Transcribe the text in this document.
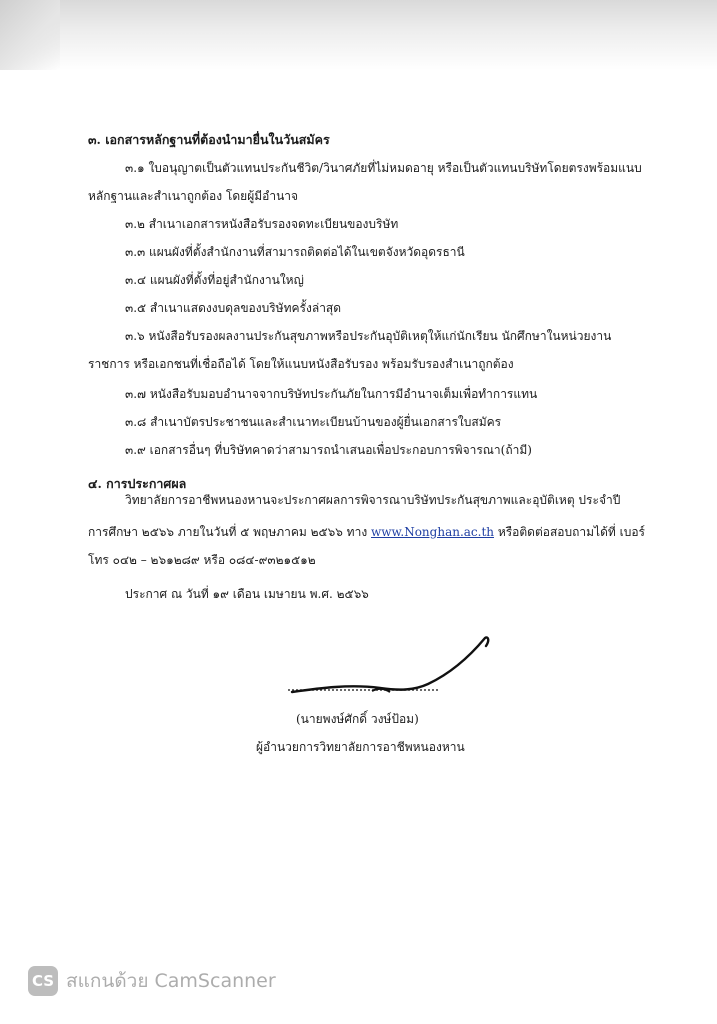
๓. เอกสารหลักฐานที่ต้องนำมายื่นในวันสมัคร
๓.๑ ใบอนุญาตเป็นตัวแทนประกันชีวิต/วินาศภัยที่ไม่หมดอายุ หรือเป็นตัวแทนบริษัทโดยตรงพร้อมแนบ
หลักฐานและสำเนาถูกต้อง โดยผู้มีอำนาจ
๓.๒ สำเนาเอกสารหนังสือรับรองจดทะเบียนของบริษัท
๓.๓ แผนผังที่ตั้งสำนักงานที่สามารถติดต่อได้ในเขตจังหวัดอุดรธานี
๓.๔ แผนผังที่ตั้งที่อยู่สำนักงานใหญ่
๓.๕ สำเนาแสดงงบดุลของบริษัทครั้งล่าสุด
๓.๖ หนังสือรับรองผลงานประกันสุขภาพหรือประกันอุบัติเหตุให้แก่นักเรียน นักศึกษาในหน่วยงาน
ราชการ หรือเอกชนที่เชื่อถือได้ โดยให้แนบหนังสือรับรอง พร้อมรับรองสำเนาถูกต้อง
๓.๗ หนังสือรับมอบอำนาจจากบริษัทประกันภัยในการมีอำนาจเต็มเพื่อทำการแทน
๓.๘ สำเนาบัตรประชาชนและสำเนาทะเบียนบ้านของผู้ยื่นเอกสารใบสมัคร
๓.๙ เอกสารอื่นๆ ที่บริษัทคาดว่าสามารถนำเสนอเพื่อประกอบการพิจารณา(ถ้ามี)
๔. การประกาศผล
วิทยาลัยการอาชีพหนองหานจะประกาศผลการพิจารณาบริษัทประกันสุขภาพและอุบัติเหตุ ประจำปี
การศึกษา ๒๕๖๖ ภายในวันที่ ๕ พฤษภาคม ๒๕๖๖ ทาง www.Nonghan.ac.th หรือติดต่อสอบถามได้ที่ เบอร์
โทร ๐๔๒ – ๒๖๑๒๘๙ หรือ ๐๘๔-๙๓๒๑๕๑๒
ประกาศ ณ วันที่ ๑๙ เดือน เมษายน พ.ศ. ๒๕๖๖
(นายพงษ์ศักดิ์ วงษ์ป้อม)
ผู้อำนวยการวิทยาลัยการอาชีพหนองหาน
CS สแกนด้วย CamScanner
